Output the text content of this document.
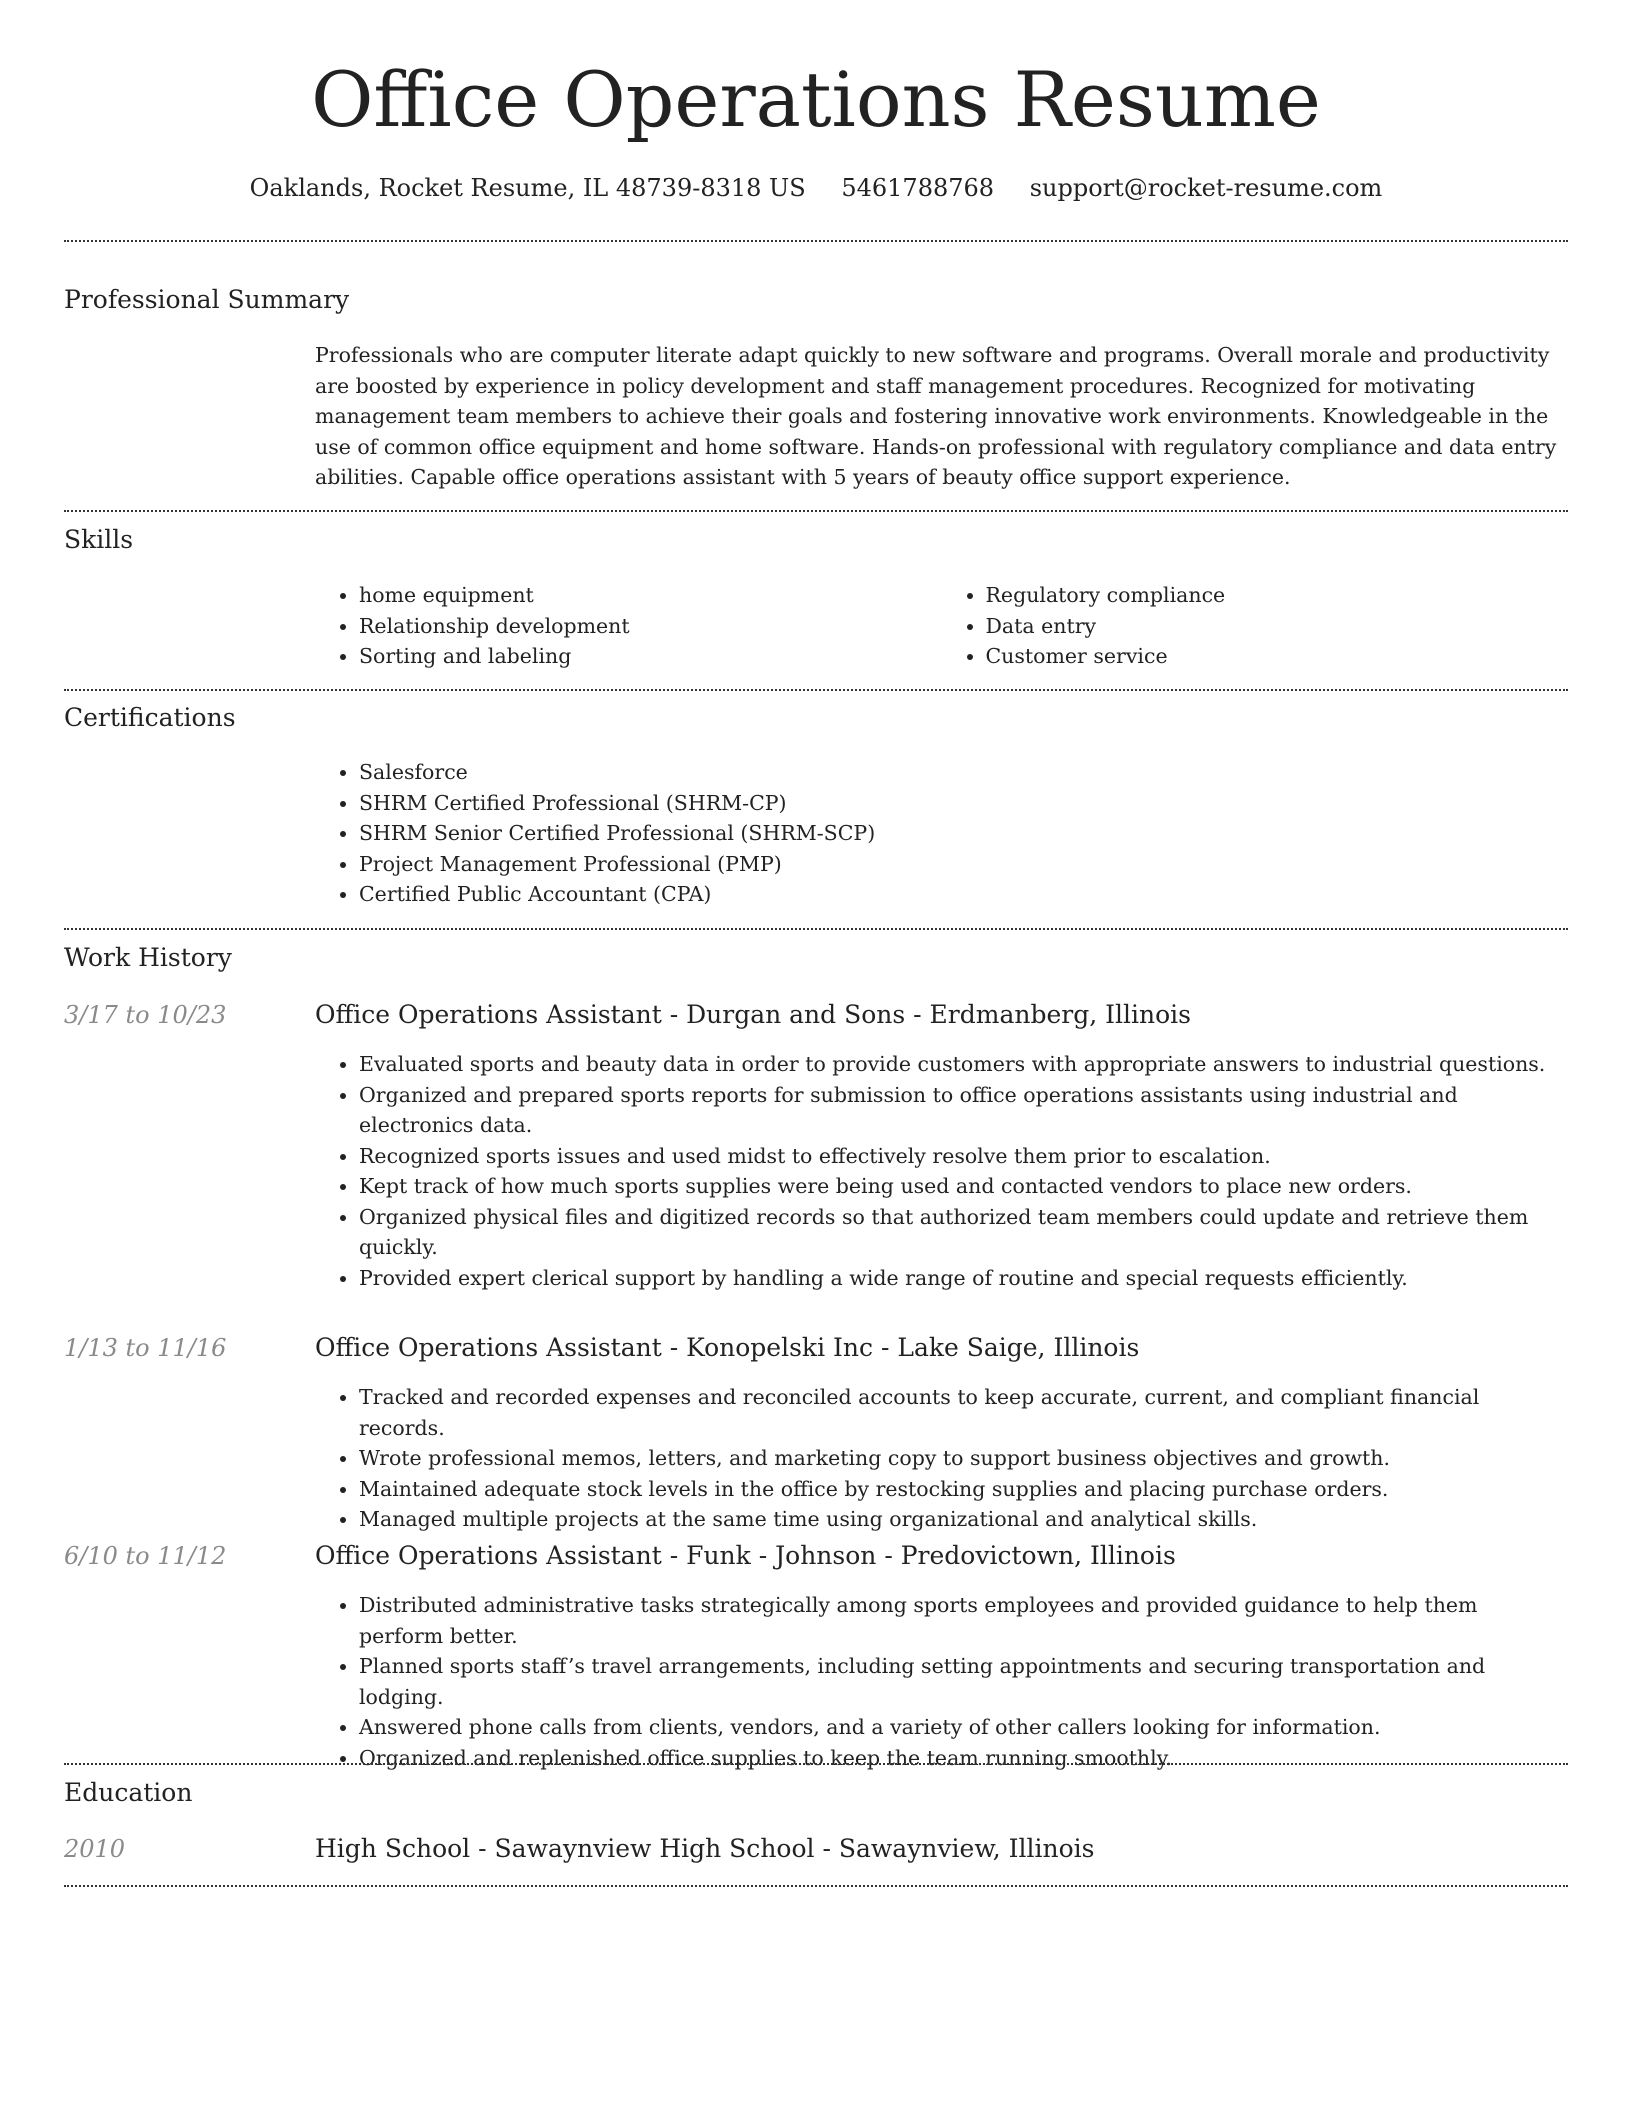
Office Operations Resume
Oaklands, Rocket Resume, IL 48739-8318 US 5461788768 support@rocket-resume.com
Professional Summary

Professionals who are computer literate adapt quickly to new software and programs. Overall morale and productivity are boosted by experience in policy development and staff management procedures. Recognized for motivating management team members to achieve their goals and fostering innovative work environments. Knowledgeable in the use of common office equipment and home software. Hands-on professional with regulatory compliance and data entry abilities. Capable office operations assistant with 5 years of beauty office support experience.

Skills
• home equipment
• Relationship development
• Sorting and labeling
• Regulatory compliance
• Data entry
• Customer service
Certifications
• Salesforce
• SHRM Certified Professional (SHRM-CP)
• SHRM Senior Certified Professional (SHRM-SCP)
• Project Management Professional (PMP)
• Certified Public Accountant (CPA)
Work History
3/17 to 10/23	Office Operations Assistant - Durgan and Sons - Erdmanberg, Illinois
• Evaluated sports and beauty data in order to provide customers with appropriate answers to industrial questions.
• Organized and prepared sports reports for submission to office operations assistants using industrial and electronics data.
• Recognized sports issues and used midst to effectively resolve them prior to escalation.
• Kept track of how much sports supplies were being used and contacted vendors to place new orders.
• Organized physical files and digitized records so that authorized team members could update and retrieve them quickly.
• Provided expert clerical support by handling a wide range of routine and special requests efficiently.
1/13 to 11/16	Office Operations Assistant - Konopelski Inc - Lake Saige, Illinois
• Tracked and recorded expenses and reconciled accounts to keep accurate, current, and compliant financial records.
• Wrote professional memos, letters, and marketing copy to support business objectives and growth.
• Maintained adequate stock levels in the office by restocking supplies and placing purchase orders.
• Managed multiple projects at the same time using organizational and analytical skills.
6/10 to 11/12	Office Operations Assistant - Funk - Johnson - Predovictown, Illinois
• Distributed administrative tasks strategically among sports employees and provided guidance to help them perform better.
• Planned sports staff’s travel arrangements, including setting appointments and securing transportation and lodging.
• Answered phone calls from clients, vendors, and a variety of other callers looking for information.
• Organized and replenished office supplies to keep the team running smoothly.
Education
2010	High School - Sawaynview High School - Sawaynview, Illinois
